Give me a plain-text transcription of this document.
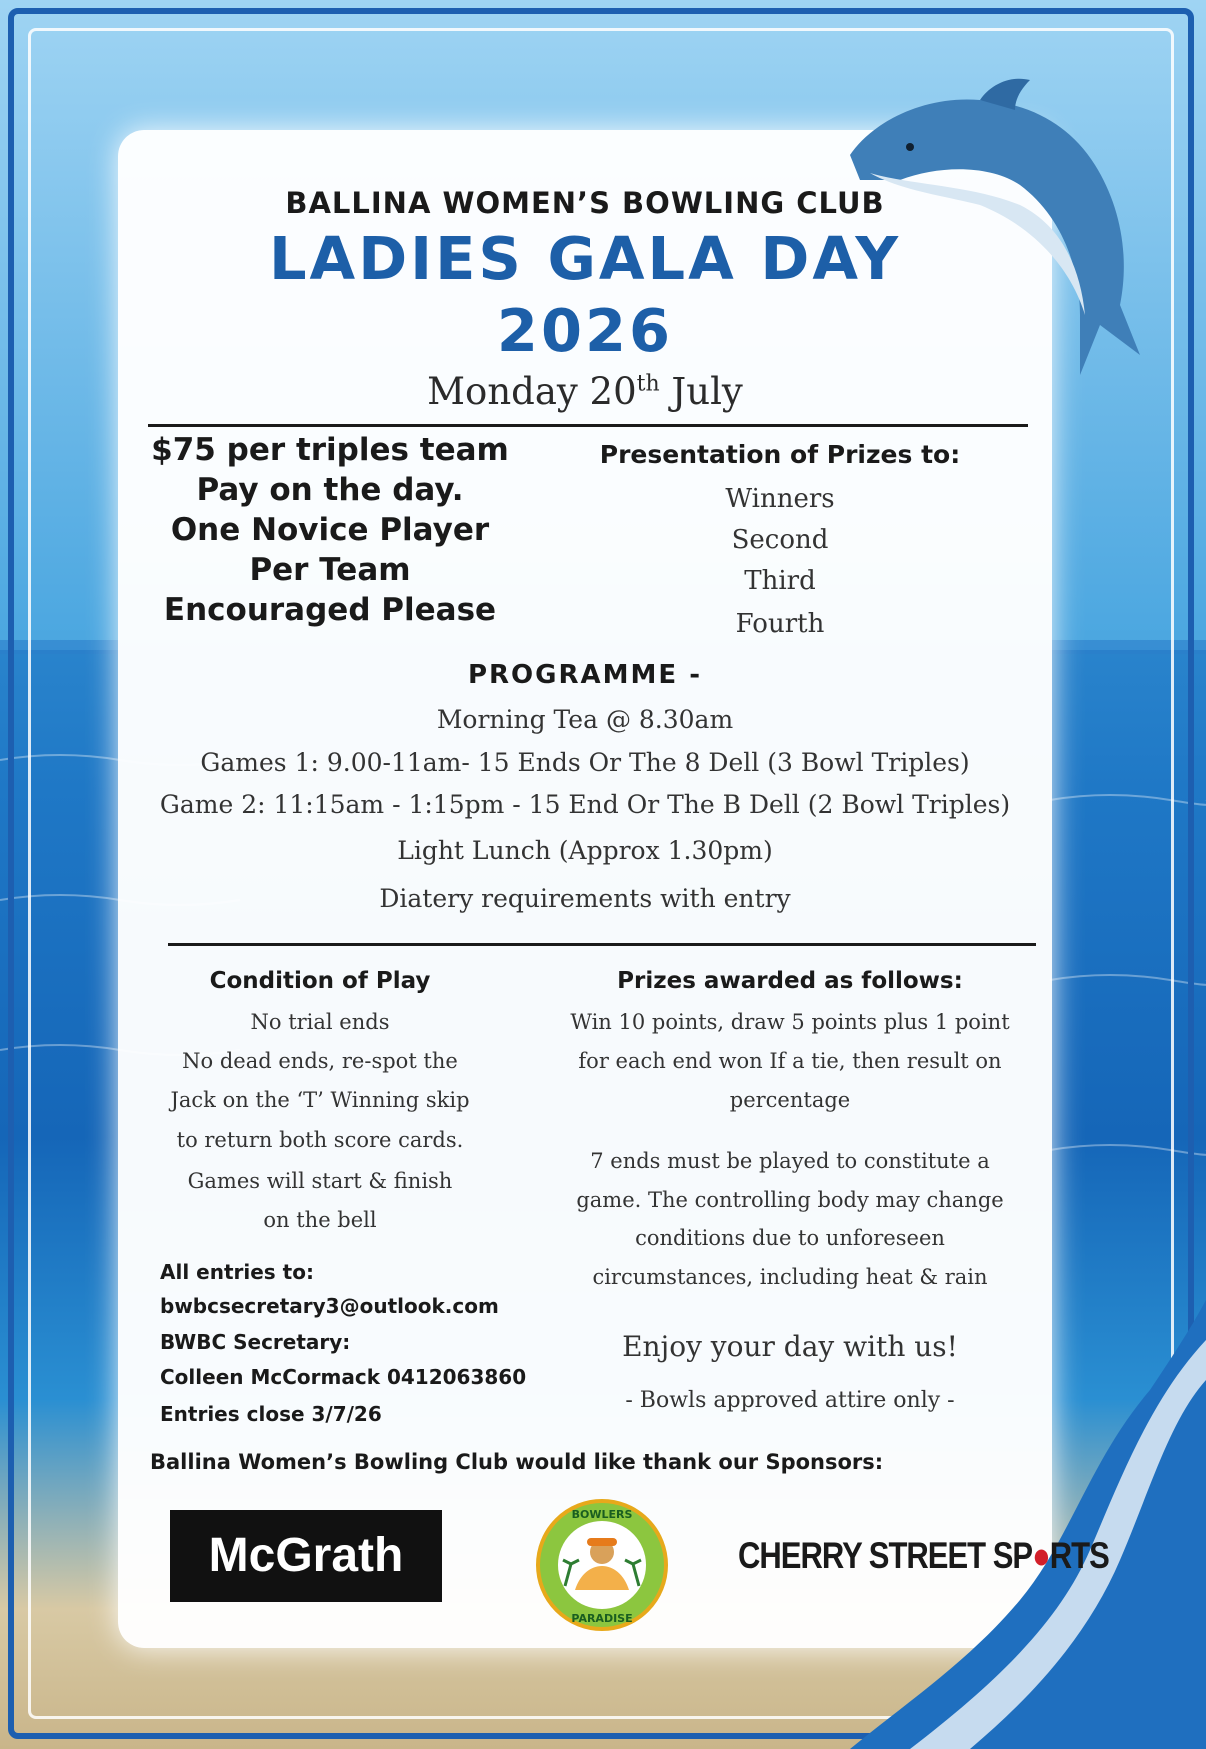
BALLINA WOMEN’S BOWLING CLUB
LADIES GALA DAY
2026
Monday 20th July
$75 per triples team
Pay on the day.
One Novice Player
Per Team
Encouraged Please
Presentation of Prizes to:
Winners
Second
Third
Fourth
PROGRAMME -
Morning Tea @ 8.30am
Games 1: 9.00-11am- 15 Ends Or The 8 Dell (3 Bowl Triples)
Game 2: 11:15am - 1:15pm - 15 End Or The B Dell (2 Bowl Triples)
Light Lunch (Approx 1.30pm)
Diatery requirements with entry
Condition of Play
No trial ends
No dead ends, re-spot the
Jack on the ‘T’ Winning skip
to return both score cards.
Games will start & finish
on the bell
All entries to:
bwbcsecretary3@outlook.com
BWBC Secretary:
Colleen McCormack 0412063860
Entries close 3/7/26
Prizes awarded as follows:
Win 10 points, draw 5 points plus 1 point
for each end won If a tie, then result on
percentage
7 ends must be played to constitute a
game. The controlling body may change
conditions due to unforeseen
circumstances, including heat & rain
Enjoy your day with us!
- Bowls approved attire only -
Ballina Women’s Bowling Club would like thank our Sponsors:
McGrath
BOWLERS
PARADISE
CHERRY STREET SP●RTS
